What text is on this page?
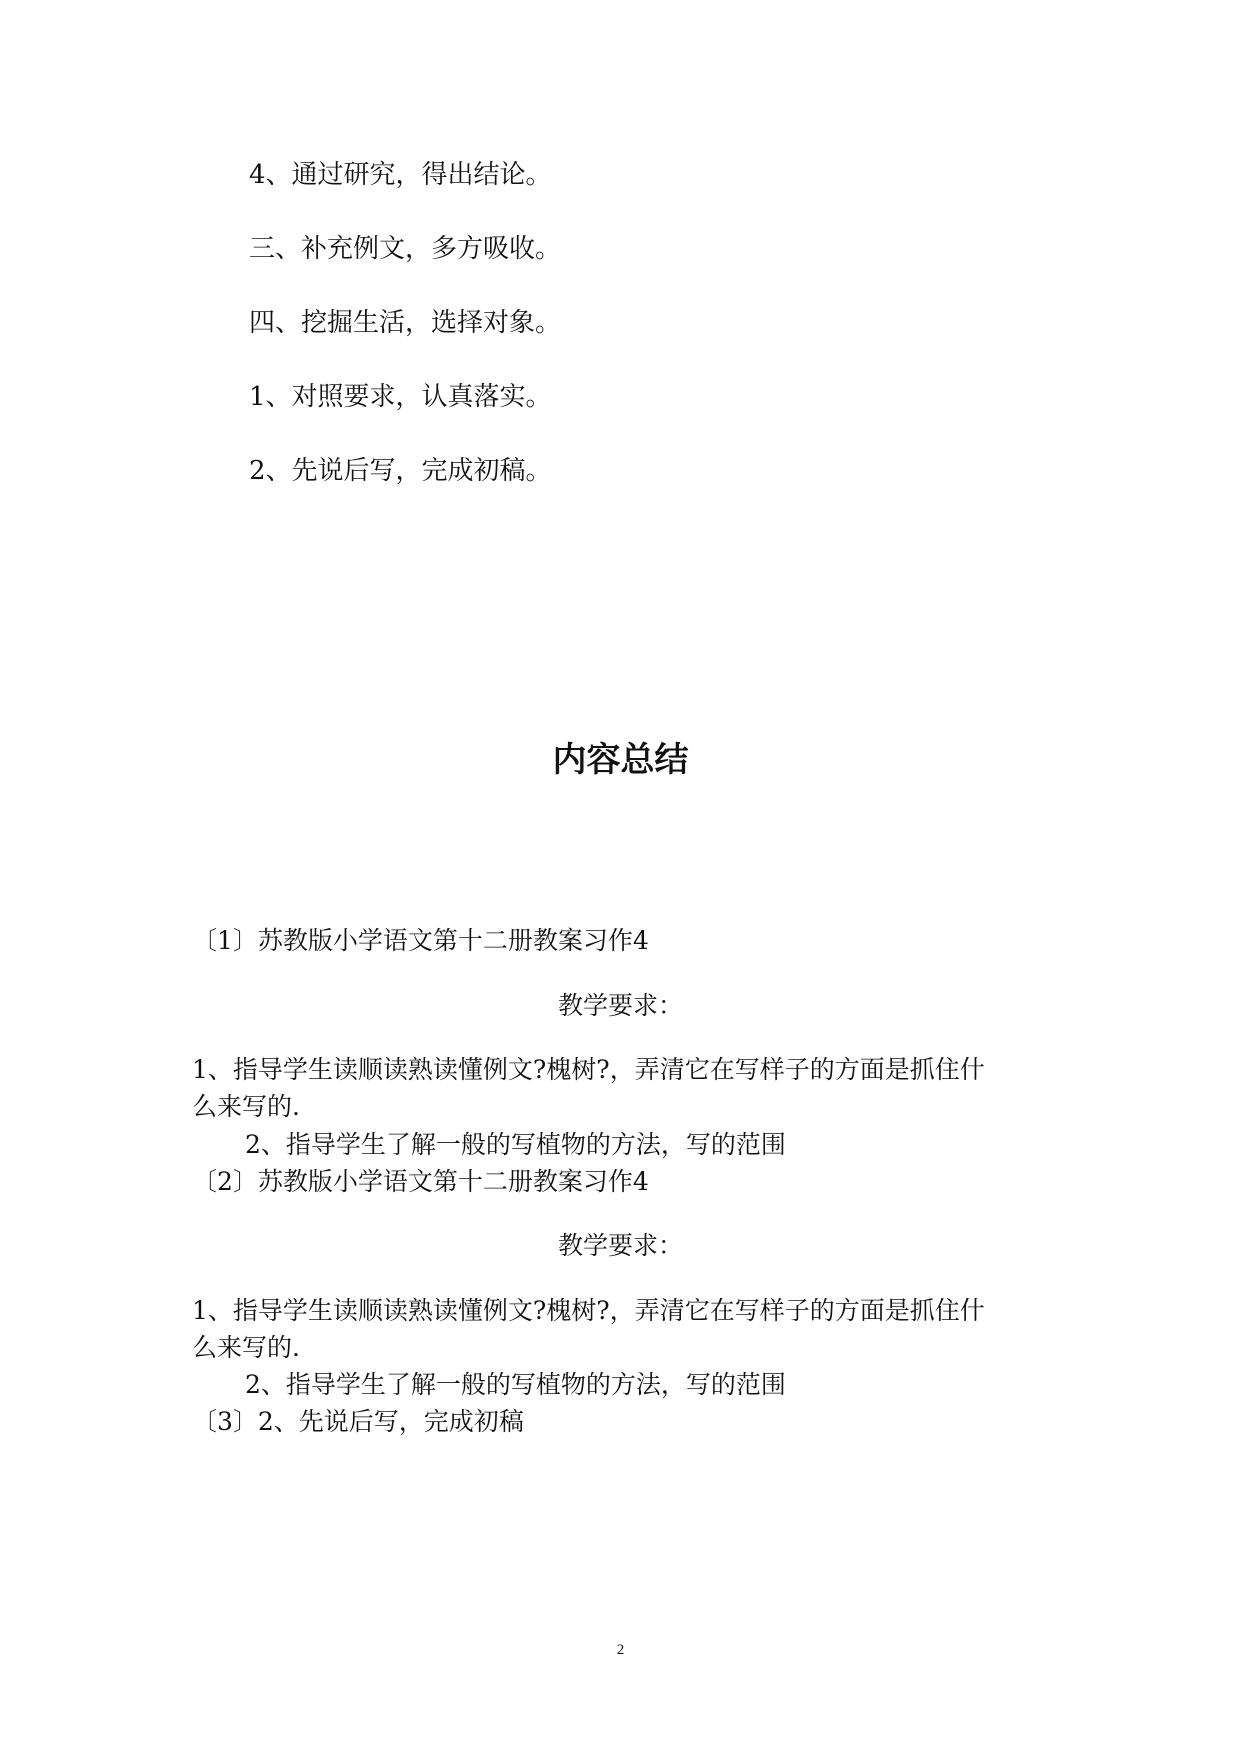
4、通过研究，得出结论。
三、补充例文，多方吸收。
四、挖掘生活，选择对象。
1、对照要求，认真落实。
2、先说后写，完成初稿。
内容总结
〔1〕苏教版小学语文第十二册教案习作4
教学要求：
1、指导学生读顺读熟读懂例文?槐树?，弄清它在写样子的方面是抓住什
么来写的.
2、指导学生了解一般的写植物的方法，写的范围
〔2〕苏教版小学语文第十二册教案习作4
教学要求：
1、指导学生读顺读熟读懂例文?槐树?，弄清它在写样子的方面是抓住什
么来写的.
2、指导学生了解一般的写植物的方法，写的范围
〔3〕2、先说后写，完成初稿
2
